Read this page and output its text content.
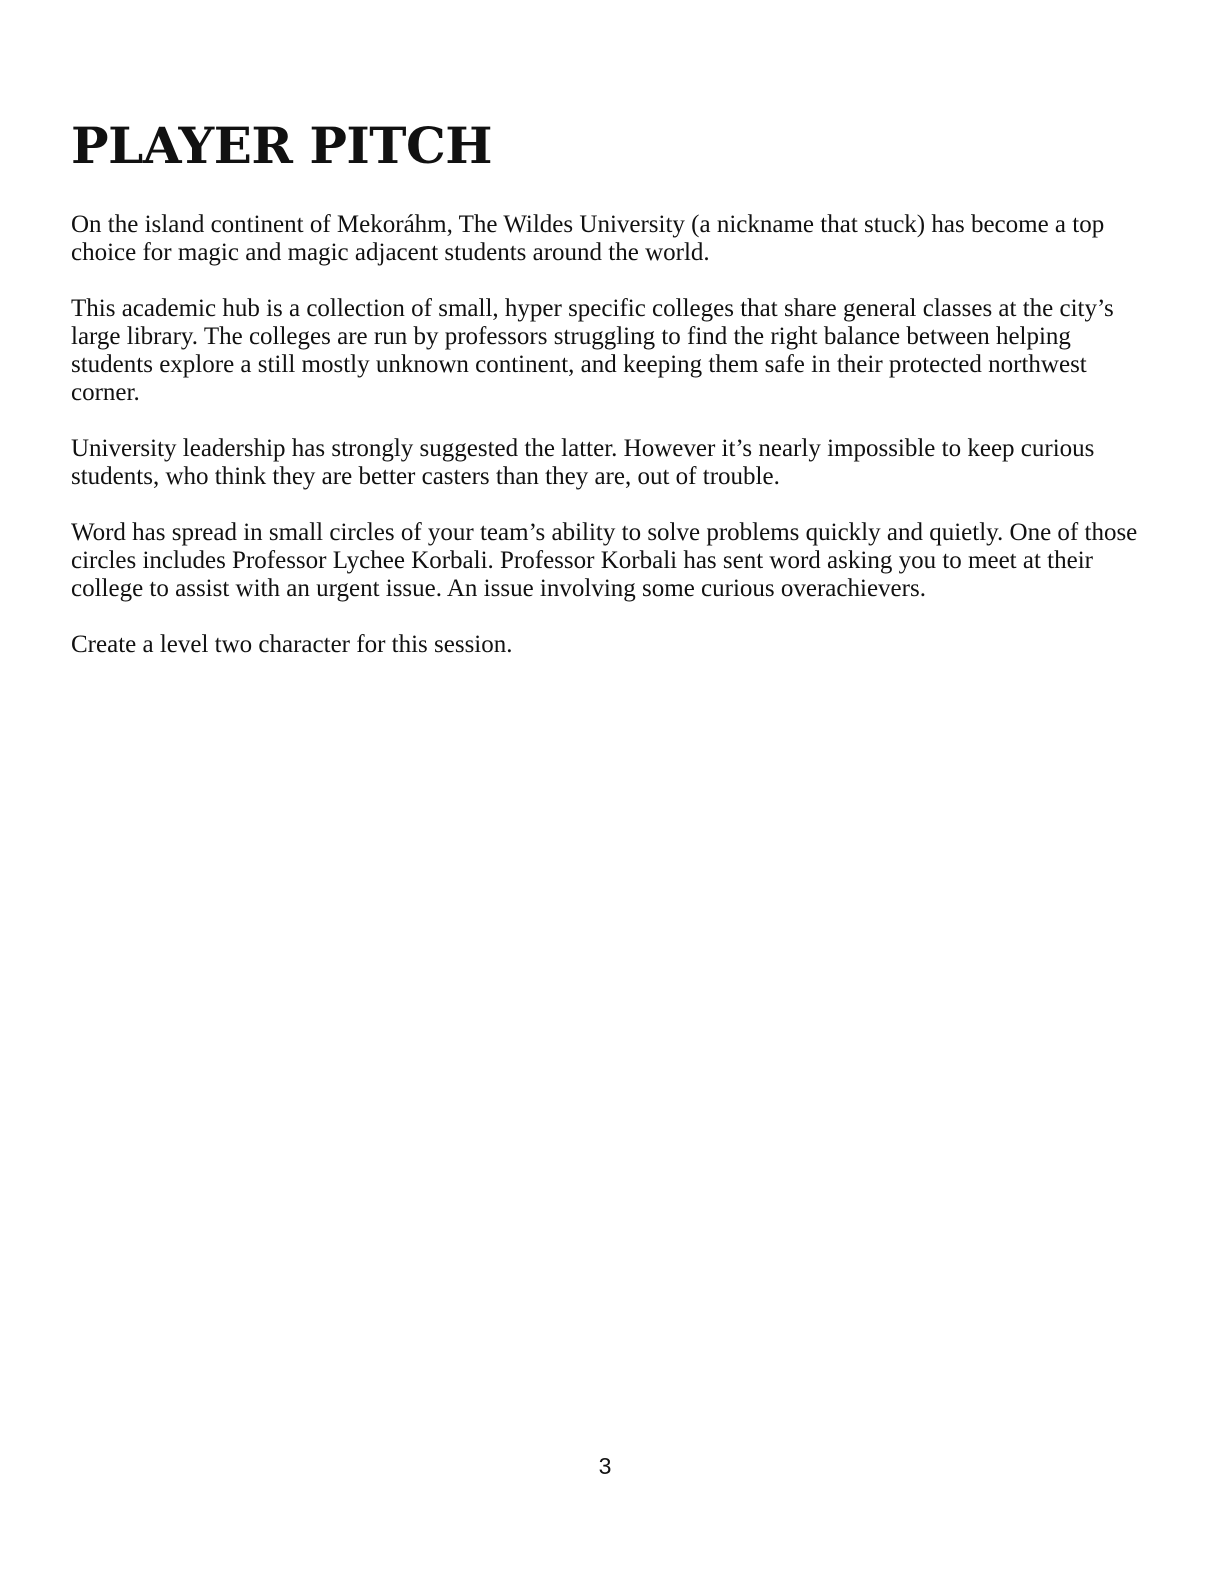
PLAYER PITCH

On the island continent of Mekoráhm, The Wildes University (a nickname that stuck) has become a top choice for magic and magic adjacent students around the world.

This academic hub is a collection of small, hyper specific colleges that share general classes at the city’s large library. The colleges are run by professors struggling to find the right balance between helping students explore a still mostly unknown continent, and keeping them safe in their protected northwest corner.

University leadership has strongly suggested the latter. However it’s nearly impossible to keep curious students, who think they are better casters than they are, out of trouble.

Word has spread in small circles of your team’s ability to solve problems quickly and quietly. One of those circles includes Professor Lychee Korbali. Professor Korbali has sent word asking you to meet at their college to assist with an urgent issue. An issue involving some curious overachievers.

Create a level two character for this session.

3
